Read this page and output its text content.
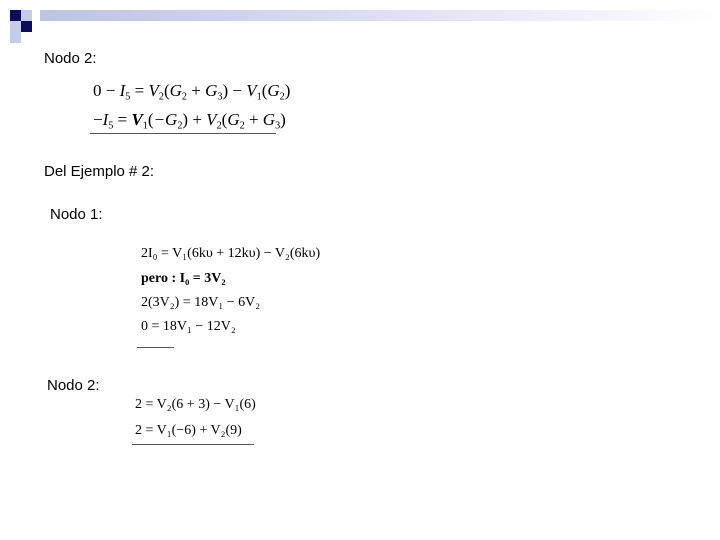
Nodo 2:
$0 - I_5 = V_2(G_2 + G_3) - V_1(G_2)$
$-I_5 = V_1(-G_2) + V_2(G_2 + G_3)$
Del Ejemplo # 2:
Nodo 1:
2I₀ = V₁(6kυ + 12kυ) − V₂(6kυ)
pero : I₀ = 3V₂
2(3V₂) = 18V₁ − 6V₂
0 = 18V₁ − 12V₂
Nodo 2:
2 = V₂(6 + 3) − V₁(6)
2 = V₁(−6) + V₂(9)
